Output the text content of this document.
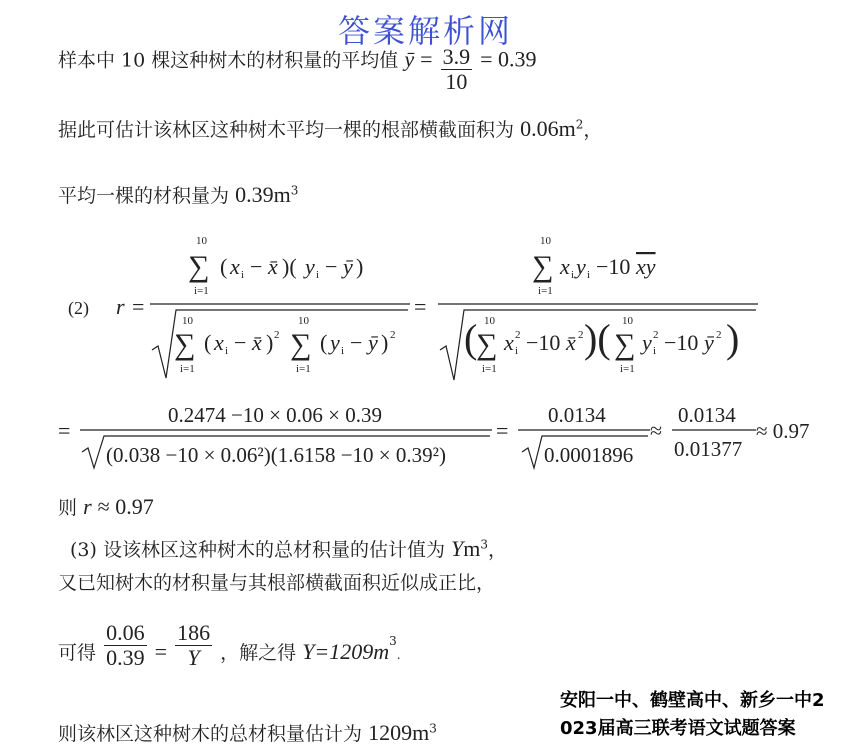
样本中 10 棵这种树木的材积量的平均值 ȳ = $\frac{3.9}{10} = 0.39$
答案解析网
据此可估计该林区这种树木平均一棵的根部横截面积为 $0.06m^2$，
平均一棵的材积量为 $0.39m^3$
(2) r =
10
∑
i=1
( x i − x̄ )( y i − ȳ )
10
∑
i=1
( x i − x̄ ) 2
10
∑
i=1
( y i − ȳ ) 2
=
10
∑
i=1
x i y i −10 xy
( 10
∑
i=1
x 2
i −10 x̄ 2 )( 10
∑
i=1
y 2
i −10 ȳ 2 )
=
0.2474 −10 × 0.06 × 0.39
(0.038 −10 × 0.06²)(1.6158 −10 × 0.39²)
=
0.0134
0.0001896
≈
0.0134
0.01377
≈ 0.97
则 r ≈ 0.97
(3) 设该林区这种树木的总材积量的估计值为 Ym$^3$，
又已知树木的材积量与其根部横截面积近似成正比，
可得 $\frac{0.06}{0.39} = \frac{186}{Y}$ ，解之得 $Y=1209m^3_.$
安阳一中、鹤壁高中、新乡一中2
023届高三联考语文试题答案
则该林区这种树木的总材积量估计为 $1209m^3$
